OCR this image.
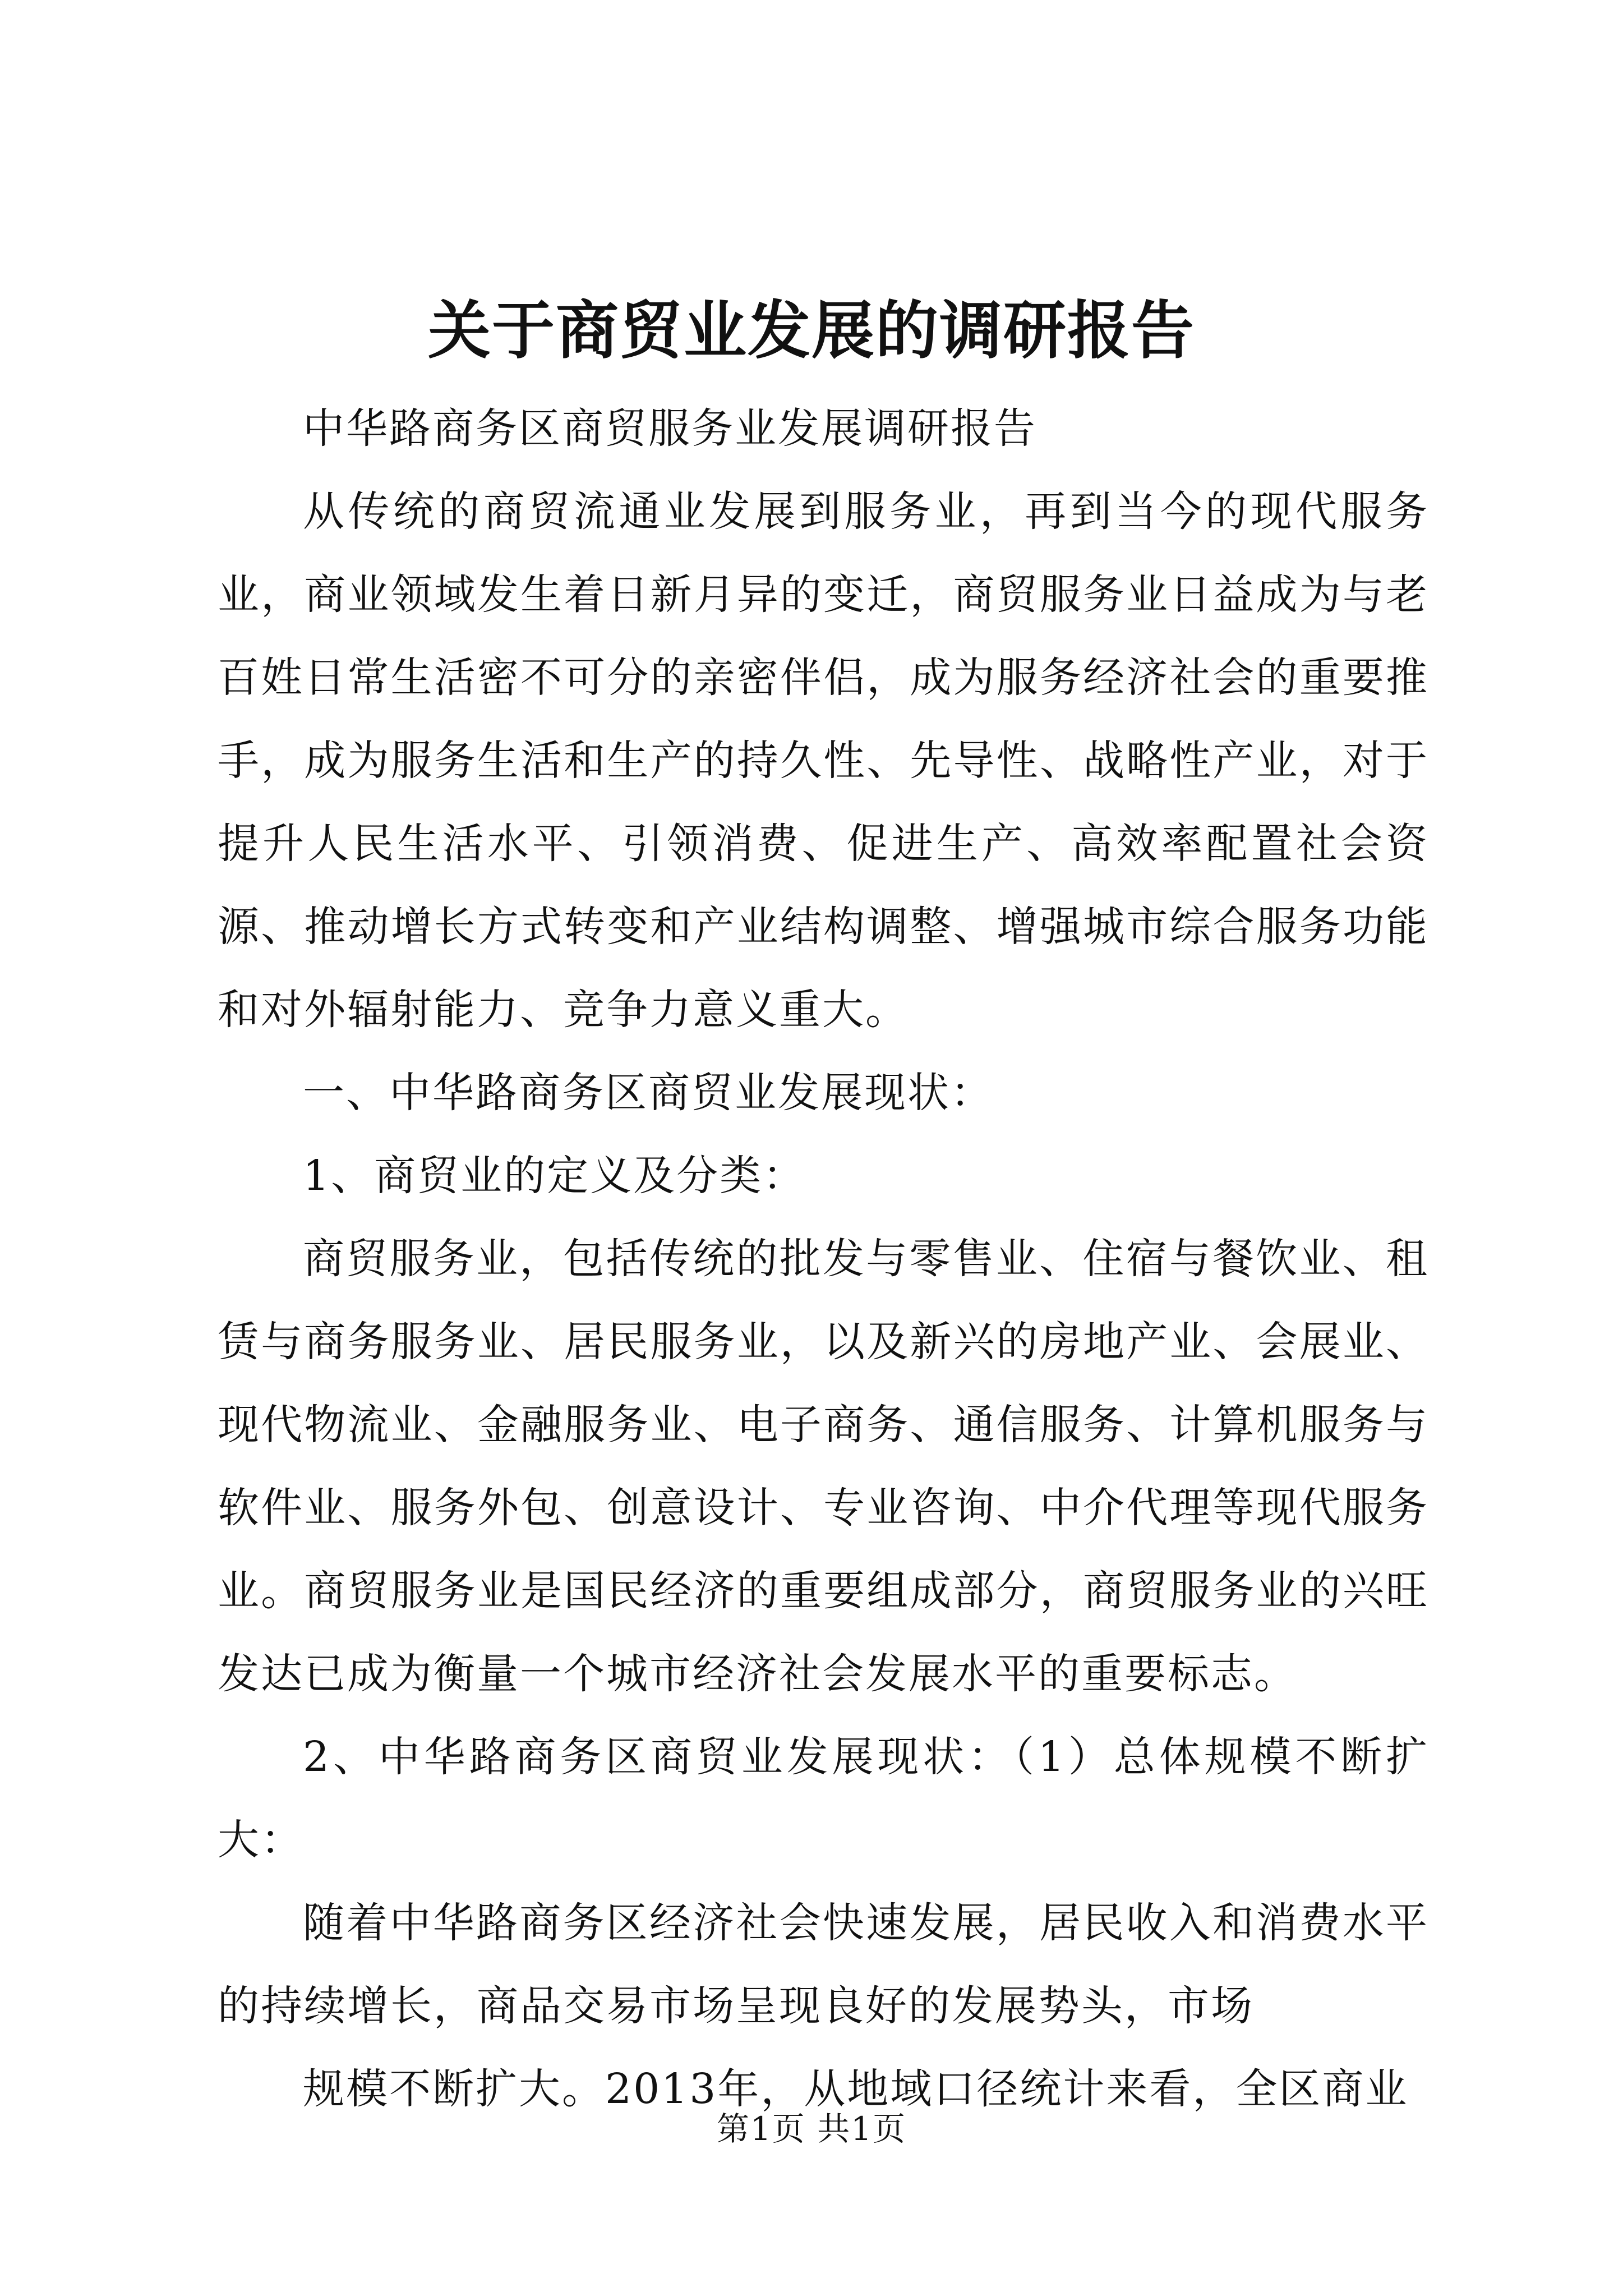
关于商贸业发展的调研报告

中华路商务区商贸服务业发展调研报告

从传统的商贸流通业发展到服务业，再到当今的现代服务业，商业领域发生着日新月异的变迁，商贸服务业日益成为与老百姓日常生活密不可分的亲密伴侣，成为服务经济社会的重要推手，成为服务生活和生产的持久性、先导性、战略性产业，对于提升人民生活水平、引领消费、促进生产、高效率配置社会资源、推动增长方式转变和产业结构调整、增强城市综合服务功能和对外辐射能力、竞争力意义重大。

一、中华路商务区商贸业发展现状：

1、商贸业的定义及分类：

商贸服务业，包括传统的批发与零售业、住宿与餐饮业、租赁与商务服务业、居民服务业，以及新兴的房地产业、会展业、现代物流业、金融服务业、电子商务、通信服务、计算机服务与软件业、服务外包、创意设计、专业咨询、中介代理等现代服务业。商贸服务业是国民经济的重要组成部分，商贸服务业的兴旺发达已成为衡量一个城市经济社会发展水平的重要标志。

2、中华路商务区商贸业发展现状：（1）总体规模不断扩大：

随着中华路商务区经济社会快速发展，居民收入和消费水平的持续增长，商品交易市场呈现良好的发展势头，市场

规模不断扩大。2013年，从地域口径统计来看，全区商业

第1页 共1页
